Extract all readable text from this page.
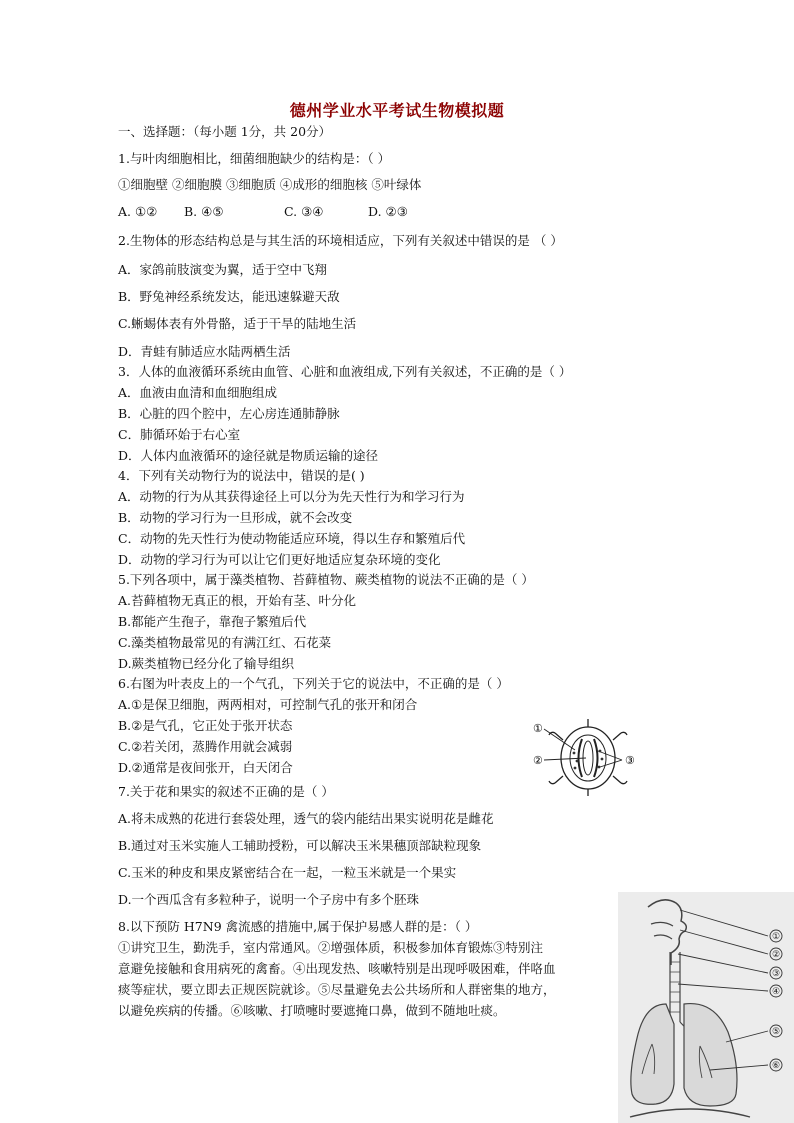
德州学业水平考试生物模拟题
一、选择题：（每小题 1分，共 20分）
1.与叶肉细胞相比，细菌细胞缺少的结构是：（ ）
①细胞壁 ②细胞膜 ③细胞质 ④成形的细胞核 ⑤叶绿体
A. ①② B. ④⑤	C. ③④	D. ②③
2.生物体的形态结构总是与其生活的环境相适应，下列有关叙述中错误的是 （ ）
A．家鸽前肢演变为翼，适于空中飞翔
B．野兔神经系统发达，能迅速躲避天敌
C.蜥蜴体表有外骨骼，适于干旱的陆地生活
D．青蛙有肺适应水陆两栖生活
3．人体的血液循环系统由血管、心脏和血液组成,下列有关叙述，不正确的是（ ）
A．血液由血清和血细胞组成
B．心脏的四个腔中，左心房连通肺静脉
C．肺循环始于右心室
D．人体内血液循环的途径就是物质运输的途径
4．下列有关动物行为的说法中，错误的是( )
A．动物的行为从其获得途径上可以分为先天性行为和学习行为
B．动物的学习行为一旦形成，就不会改变
C．动物的先天性行为使动物能适应环境，得以生存和繁殖后代
D．动物的学习行为可以让它们更好地适应复杂环境的变化
5.下列各项中，属于藻类植物、苔藓植物、蕨类植物的说法不正确的是（ ）
A.苔藓植物无真正的根，开始有茎、叶分化
B.都能产生孢子，靠孢子繁殖后代
C.藻类植物最常见的有满江红、石花菜
D.蕨类植物已经分化了输导组织
6.右图为叶表皮上的一个气孔，下列关于它的说法中，不正确的是（ ）
A.①是保卫细胞，两两相对，可控制气孔的张开和闭合
B.②是气孔，它正处于张开状态
C.②若关闭，蒸腾作用就会减弱
D.②通常是夜间张开，白天闭合
①
②	③
7.关于花和果实的叙述不正确的是（ ）
A.将未成熟的花进行套袋处理，透气的袋内能结出果实说明花是雌花
B.通过对玉米实施人工辅助授粉，可以解决玉米果穗顶部缺粒现象
C.玉米的种皮和果皮紧密结合在一起，一粒玉米就是一个果实
D.一个西瓜含有多粒种子，说明一个子房中有多个胚珠
8.以下预防 H7N9 禽流感的措施中,属于保护易感人群的是：（ ）
①讲究卫生，勤洗手，室内常通风。②增强体质，积极参加体育锻炼③特别注
意避免接触和食用病死的禽畜。④出现发热、咳嗽特别是出现呼吸困难，伴咯血
痰等症状，要立即去正规医院就诊。⑤尽量避免去公共场所和人群密集的地方，
以避免疾病的传播。⑥咳嗽、打喷嚏时要遮掩口鼻，做到不随地吐痰。
①
②
③
④
⑤
⑥
